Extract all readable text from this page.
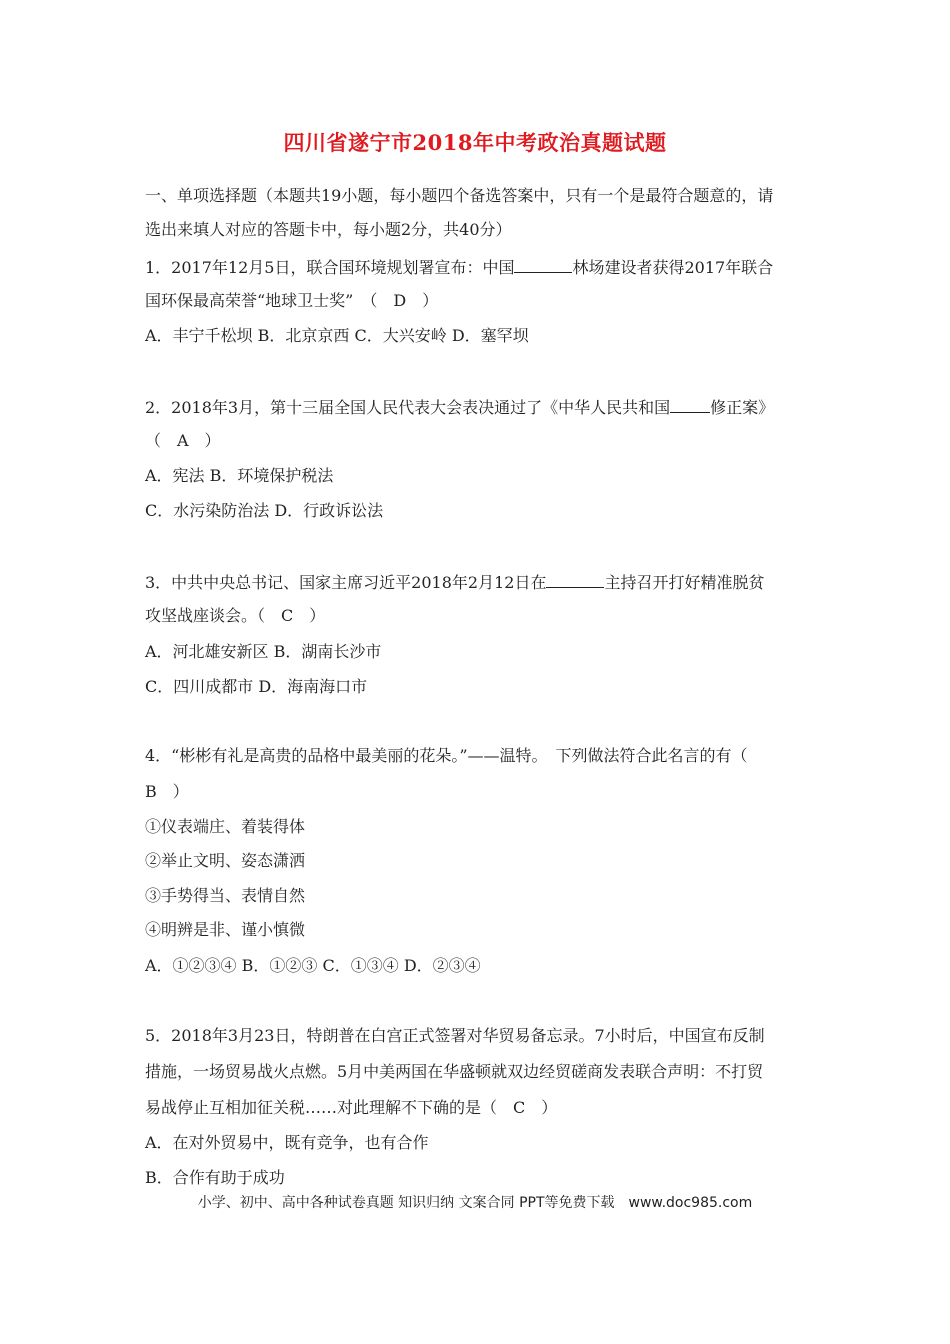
四川省遂宁市2018年中考政治真题试题
一、单项选择题（本题共19小题，每小题四个备选答案中，只有一个是最符合题意的，请
选出来填人对应的答题卡中，每小题2分，共40分）
1．2017年12月5日，联合国环境规划署宣布：中国	林场建设者获得2017年联合
国环保最高荣誉“地球卫士奖”　（　D　）
A．丰宁千松坝 B．北京京西 C．大兴安岭 D．塞罕坝
2．2018年3月，第十三届全国人民代表大会表决通过了《中华人民共和国	修正案》
（　A　）
A．宪法 B．环境保护税法
C．水污染防治法 D．行政诉讼法
3．中共中央总书记、国家主席习近平2018年2月12日在	主持召开打好精准脱贫
攻坚战座谈会。（　C　）
A．河北雄安新区 B．湖南长沙市
C．四川成都市 D．海南海口市
4．“彬彬有礼是高贵的品格中最美丽的花朵。”——温特。　下列做法符合此名言的有（
B　）
①仪表端庄、着装得体
②举止文明、姿态潇洒
③手势得当、表情自然
④明辨是非、谨小慎微
A．①②③④ B．①②③ C．①③④ D．②③④
5．2018年3月23日，特朗普在白宫正式签署对华贸易备忘录。7小时后，中国宣布反制
措施，一场贸易战火点燃。5月中美两国在华盛顿就双边经贸磋商发表联合声明：不打贸
易战停止互相加征关税……对此理解不下确的是（　C　）
A．在对外贸易中，既有竞争，也有合作
B．合作有助于成功
小学、初中、高中各种试卷真题 知识归纳 文案合同 PPT等免费下载　www.doc985.com
